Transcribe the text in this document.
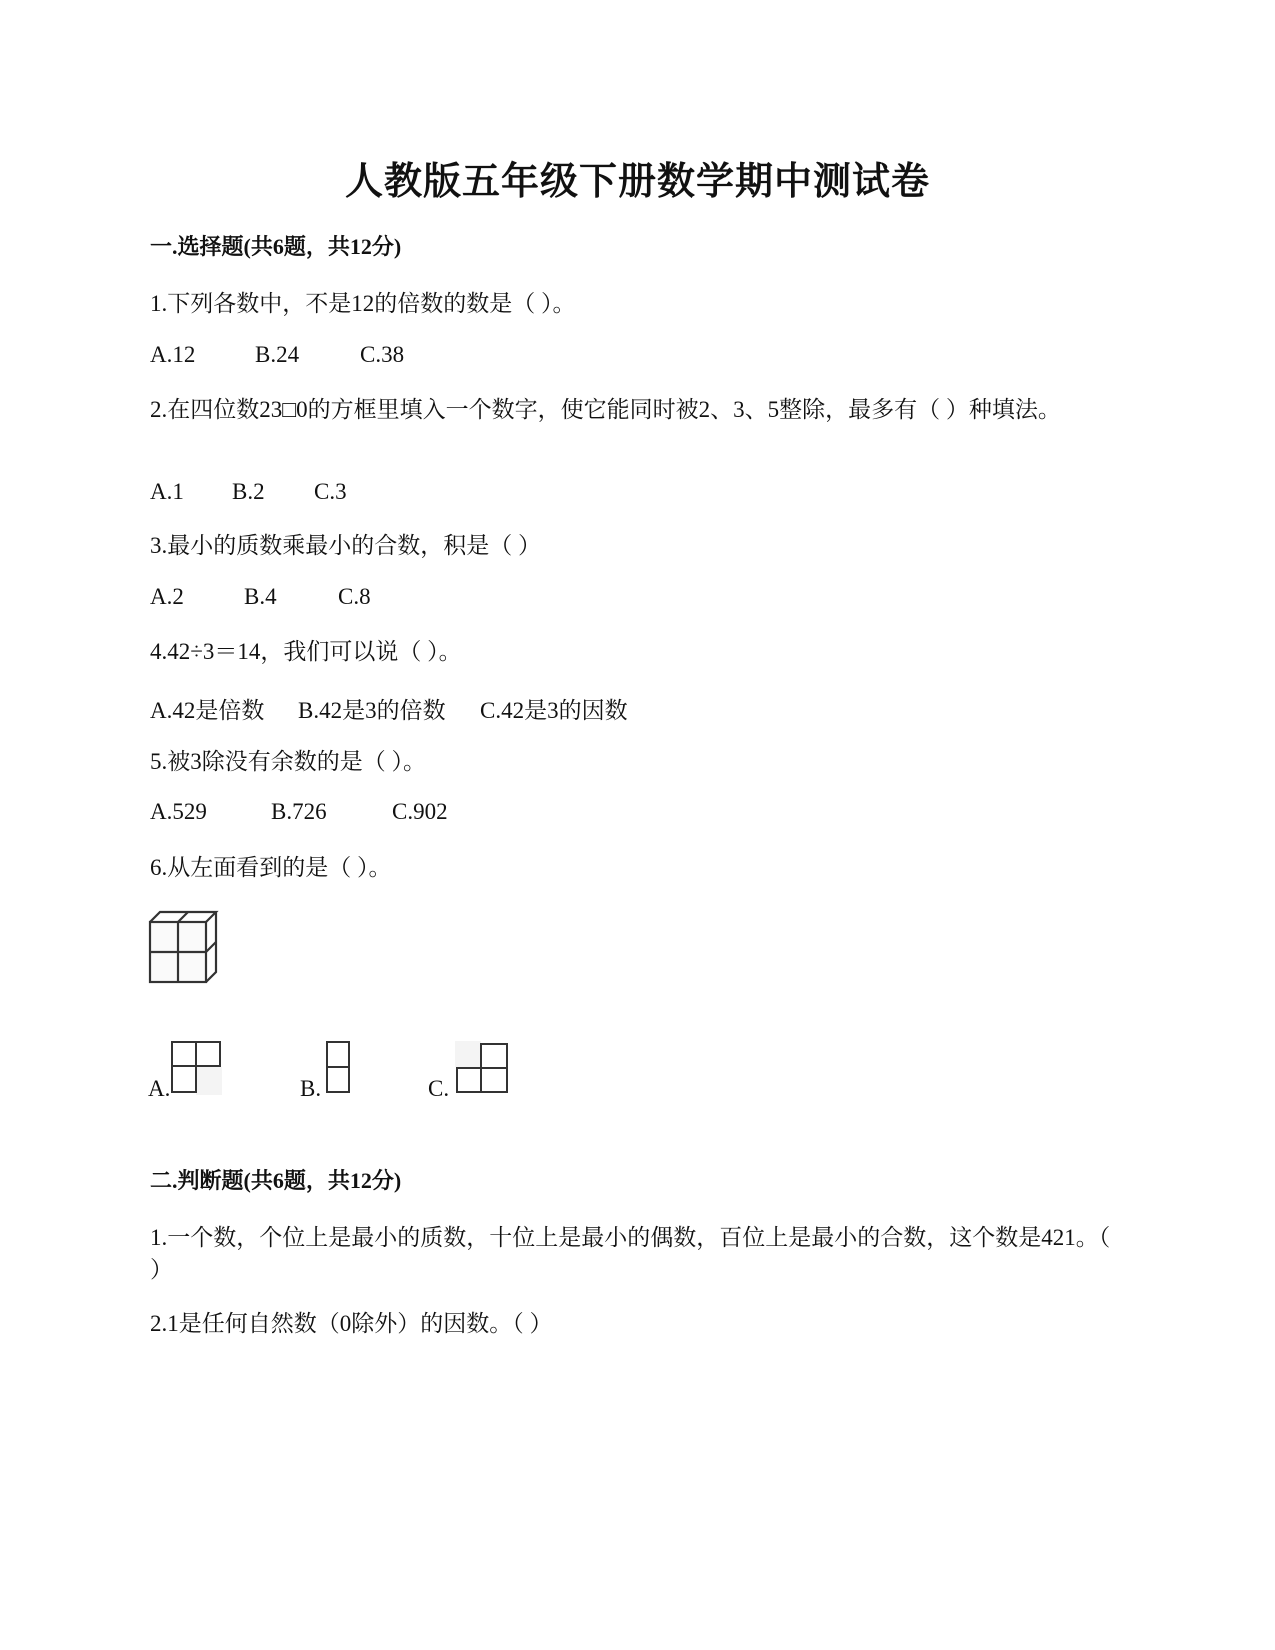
人教版五年级下册数学期中测试卷
一.选择题(共6题，共12分)
1.下列各数中，不是12的倍数的数是（ ）。
A.12	B.24	C.38
2.在四位数23□0的方框里填入一个数字，使它能同时被2、3、5整除，最多有（ ）种填法。
A.1 B.2 C.3
3.最小的质数乘最小的合数，积是（ ）
A.2	B.4	C.8
4.42÷3＝14，我们可以说（ ）。
A.42是倍数 B.42是3的倍数 C.42是3的因数
5.被3除没有余数的是（ ）。
A.529	B.726	C.902
6.从左面看到的是（ ）。
A.	B.	C.
二.判断题(共6题，共12分)
1.一个数，个位上是最小的质数，十位上是最小的偶数，百位上是最小的合数，这个数是421。（ ）
2.1是任何自然数（0除外）的因数。（ ）
